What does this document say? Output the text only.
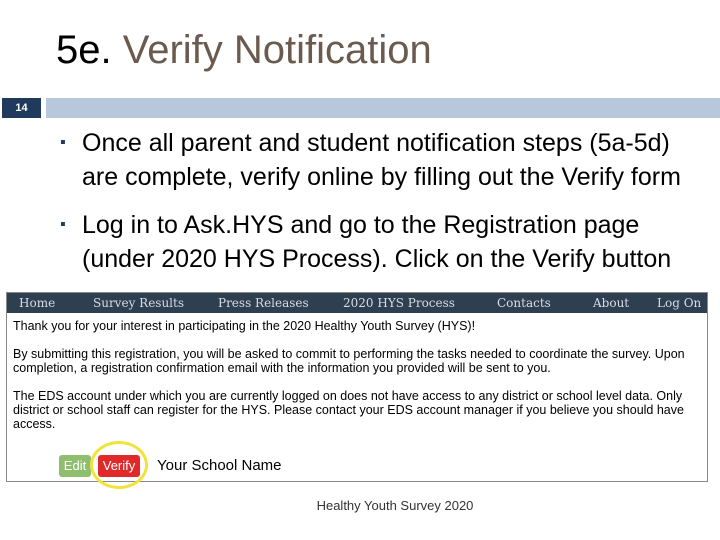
5e. Verify Notification
14
▪ Once all parent and student notification steps (5a-5d) are complete, verify online by filling out the Verify form
▪ Log in to Ask.HYS and go to the Registration page (under 2020 HYS Process). Click on the Verify button
Home	Survey Results	Press Releases	2020 HYS Process	Contacts	About Log On
Thank you for your interest in participating in the 2020 Healthy Youth Survey (HYS)!
By submitting this registration, you will be asked to commit to performing the tasks needed to coordinate the survey. Upon completion, a registration confirmation email with the information you provided will be sent to you.
The EDS account under which you are currently logged on does not have access to any district or school level data. Only district or school staff can register for the HYS. Please contact your EDS account manager if you believe you should have access.
Edit	Verify	Your School Name
Healthy Youth Survey 2020
